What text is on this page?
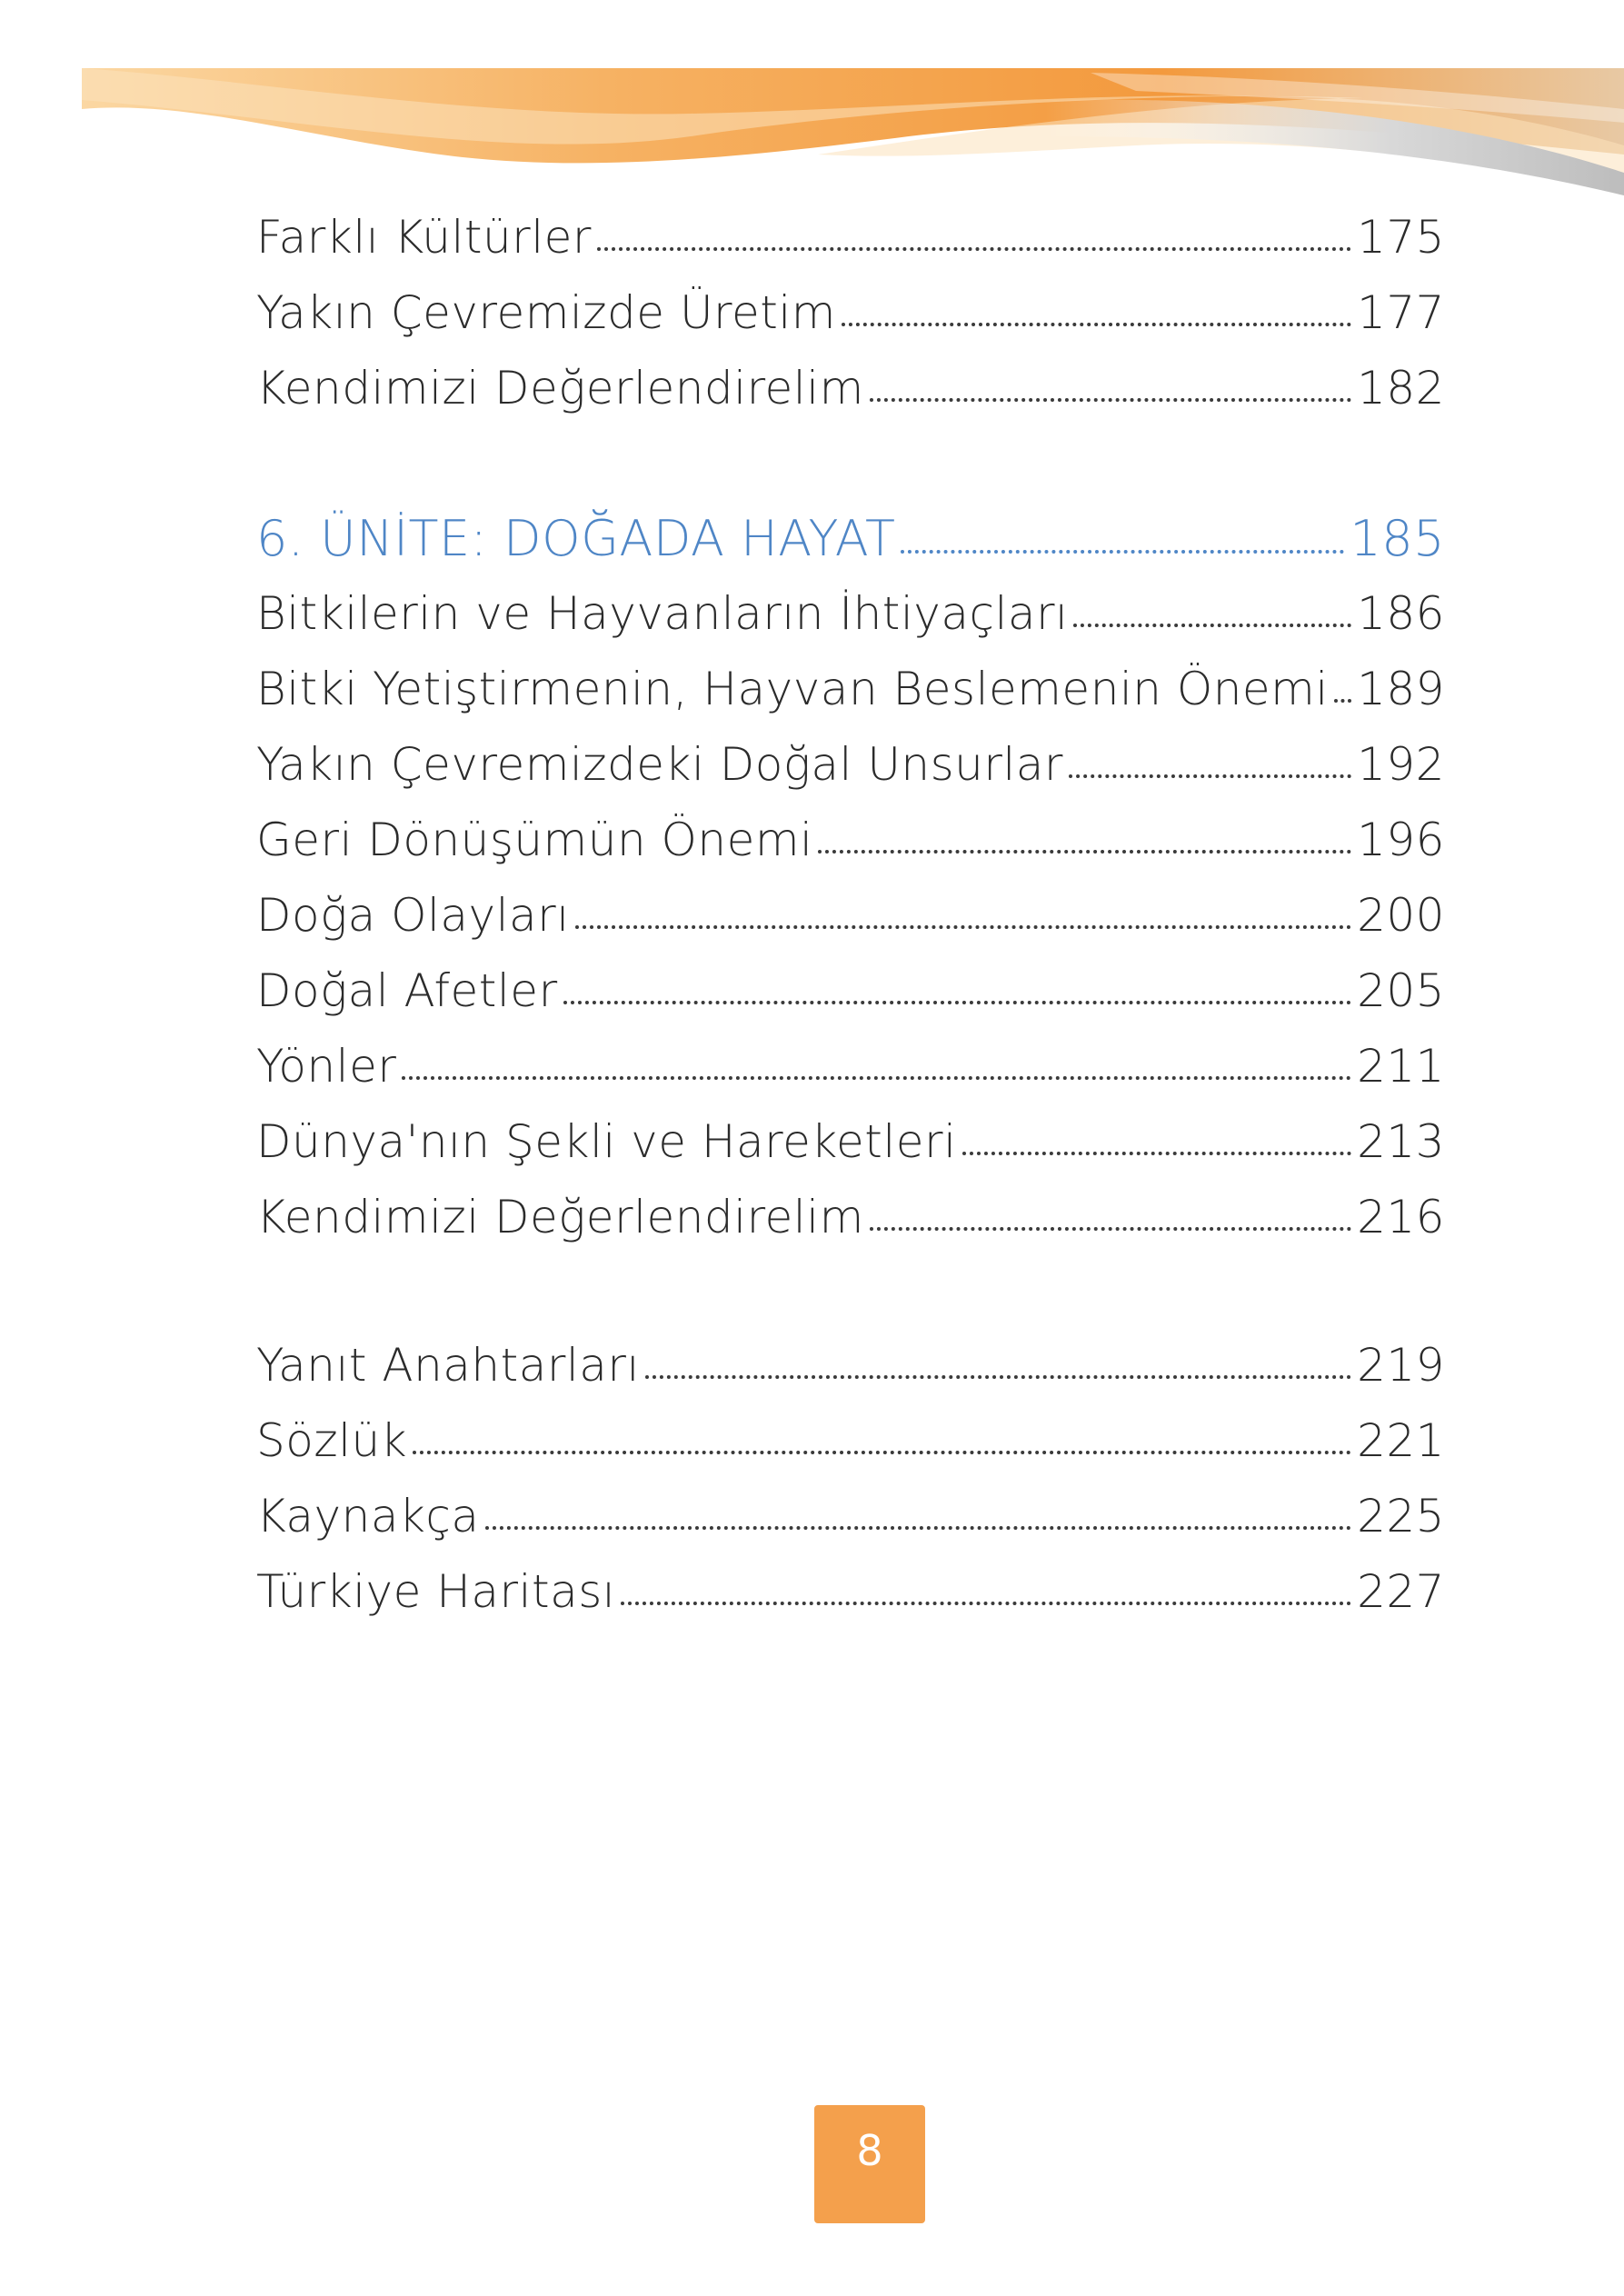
Farklı Kültürler	175
Yakın Çevremizde Üretim	177
Kendimizi Değerlendirelim	182
6. ÜNİTE: DOĞADA HAYAT	185
Bitkilerin ve Hayvanların İhtiyaçları	186
Bitki Yetiştirmenin, Hayvan Beslemenin Önemi 189
Yakın Çevremizdeki Doğal Unsurlar	192
Geri Dönüşümün Önemi	196
Doğa Olayları	200
Doğal Afetler	205
Yönler	211
Dünya'nın Şekli ve Hareketleri	213
Kendimizi Değerlendirelim	216
Yanıt Anahtarları	219
Sözlük	221
Kaynakça	225
Türkiye Haritası	227
8
